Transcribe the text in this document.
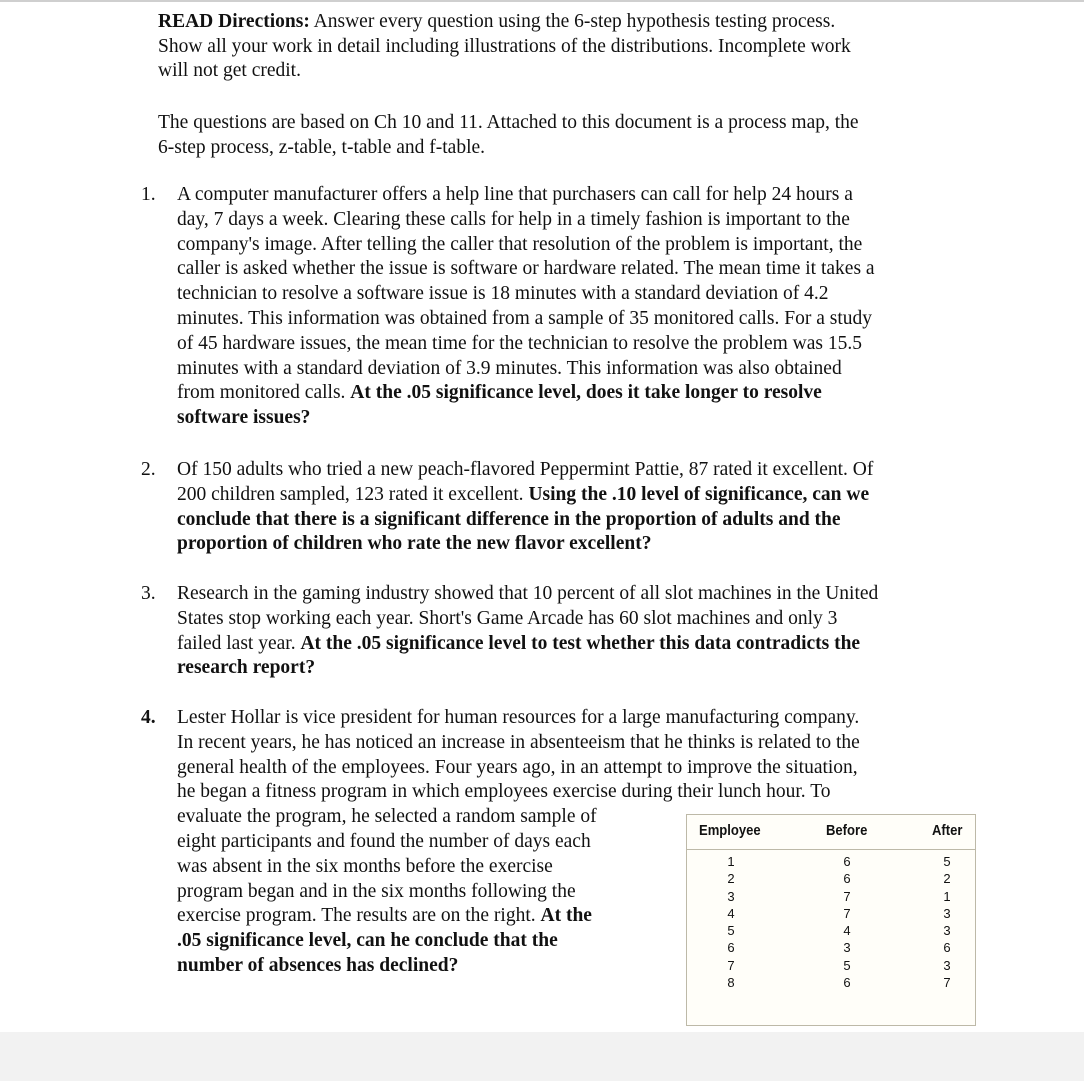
READ Directions: Answer every question using the 6-step hypothesis testing process.
Show all your work in detail including illustrations of the distributions. Incomplete work
will not get credit.
The questions are based on Ch 10 and 11. Attached to this document is a process map, the
6-step process, z-table, t-table and f-table.
1. A computer manufacturer offers a help line that purchasers can call for help 24 hours a
day, 7 days a week. Clearing these calls for help in a timely fashion is important to the
company's image. After telling the caller that resolution of the problem is important, the
caller is asked whether the issue is software or hardware related. The mean time it takes a
technician to resolve a software issue is 18 minutes with a standard deviation of 4.2
minutes. This information was obtained from a sample of 35 monitored calls. For a study
of 45 hardware issues, the mean time for the technician to resolve the problem was 15.5
minutes with a standard deviation of 3.9 minutes. This information was also obtained
from monitored calls. At the .05 significance level, does it take longer to resolve
software issues?
2. Of 150 adults who tried a new peach-flavored Peppermint Pattie, 87 rated it excellent. Of
200 children sampled, 123 rated it excellent. Using the .10 level of significance, can we
conclude that there is a significant difference in the proportion of adults and the
proportion of children who rate the new flavor excellent?
3. Research in the gaming industry showed that 10 percent of all slot machines in the United
States stop working each year. Short's Game Arcade has 60 slot machines and only 3
failed last year. At the .05 significance level to test whether this data contradicts the
research report?
4. Lester Hollar is vice president for human resources for a large manufacturing company.
In recent years, he has noticed an increase in absenteeism that he thinks is related to the
general health of the employees. Four years ago, in an attempt to improve the situation,
he began a fitness program in which employees exercise during their lunch hour. To
evaluate the program, he selected a random sample of
eight participants and found the number of days each
was absent in the six months before the exercise
program began and in the six months following the
exercise program. The results are on the right. At the
.05 significance level, can he conclude that the
number of absences has declined?
Employee	Before	After
1
2
3
4
5
6
7
8
6
6
7
7
4
3
5
6
5
2
1
3
3
6
3
7
